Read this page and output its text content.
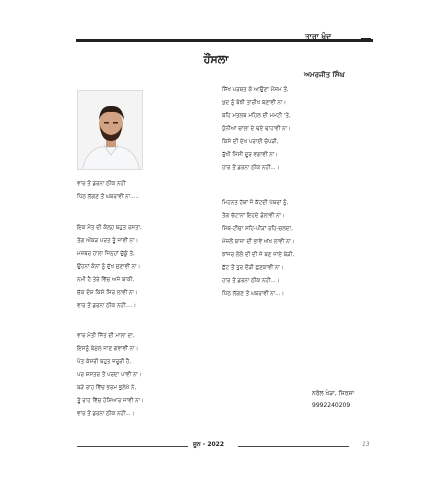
ਤਾਰਾ ਖੁੰਦ
ਹੌਂਸਲਾ
ਅਮਰਜੀਤ ਸਿੰਘ
ਵਾਰ ਤੋਂ ਡਰਨਾ ਠੀਕ ਨਹੀਂ
ਪਿੱਠ ਲੱਗਣ ਤੋਂ ਘਬਰਾਵੀਂ ਨਾ.....
ਇਕ ਮੌਤ ਦੀ ਕੰਲ੍ਹ ਬਹੁਤ ਰਸਤਾ,
ਤੰਗ ਔਕੜ ਪਰਤ ਤੂੰ ਜਾਵੀਂ ਨਾ।
ਮਜ਼ਬਰ ਹਾਲਾ ਜਿਨ੍ਹਾਂ ਚੁੱਕੂੰ ਤੇ,
ਉਹਨਾਂ ਕੰਨਾਂ ਨੂੰ ਦੁੱਖ ਸੁਣਾਵੀਂ ਨਾ।
ਨਮੀ ਹੈ ਤੇਰੇ ਵਿੱਚ ਅਜੇ ਬਾਕੀ,
ਚੱਕ ਦੋਸ਼ ਕਿਸੇ ਸਿਰ ਲਾਵੀਂ ਨਾ।
ਵਾਰ ਤੋਂ ਡਰਨਾ ਠੀਕ ਨਹੀਂ....।
ਵਾਰ ਮੋਤੀ ਜਿੱਤ ਦੀ ਮਾਲਾ ਦਾ,
ਇਸਨੂੰ ਬੇਮੁੱਲ ਜਾਣ ਗਵਾਵੀਂ ਨਾ।
ਪੰਤ ਕੇਸਰੀ ਬਹੁਤ ਜ਼ਰੂਰੀ ਹੈ,
ਪਰ ਸ਼ਸਤਰ ਤੋਂ ਪਰਦਾ ਪਾਵੀਂ ਨਾ।
ਬੜੇ ਰਾਹ ਵਿੱਚ ਭਰਮ ਭੁਲੇਖੇ ਨੇ,
ਤੂੰ ਰਾਹ ਵਿੱਚ ਹੋਸ਼ਿਆਰ ਜਾਵੀਂ ਨਾ।
ਵਾਰ ਤੋਂ ਡਰਨਾ ਠੀਕ ਨਹੀਂ...।
ਸਿੱਖ ਪਰਬਤ ਕੋ ਆਉਣਾ ਮੌਸਮ ਤੋਂ,
ਖੁਦ ਨੂੰ ਬੋਝੀ ਤਾਰੀਖ ਬਣਾਵੀਂ ਨਾ।
ਬਹਿ ਮਤਲਬ ਮਹਿਲ ਦੀ ਮਮਟੀ 'ਤੇ,
ਧੁੰਨੀਆਂ ਚਾਲਾ ਦੇ ਢਏ ਢਾਹਾਵੀਂ ਨਾ।
ਕਿਸੇ ਦੀ ਦੇਖ ਪਰਾਈ ਚੋਪੜੀ,
ਰੁੱਖੀ ਮਿੱਸੀ ਦੂਰ ਵਗਾਵੀਂ ਨਾ।
ਹਾਰ ਤੋਂ ਡਰਨਾ ਠੀਕ ਨਹੀਂ...।
ਮਿਹਨਤ ਹੱਥਾਂ ਜੋ ਕੱਟਦੀ ਪੱਥਰਾਂ ਨੂੰ,
ਤੰਗ ਚੱਟਾਨਾਂ ਇਹਦੇ ਡੋਲਾਵੀਂ ਨਾ।
ਮਿੱਥ-ਟੀਚਾ ਸਹਿ-ਪੀੜਾਂ ਰਹਿ-ਚਲਦਾ,
ਮੰਜ਼ਲੋਂ ਬਾਜ਼ਾ ਦੀ ਭਾਵੇਂ ਅੱਖ ਲਾਵੀਂ ਨਾ।
ਝਾਂਜਰ ਲੋਲੋ ਦੀ ਦੀ ਜੇ ਬਣ ਜਾਏ ਬੇੜੀ,
ਛੱਟ ਤੋਂ ਤੁਰ ਦੌੜੀ ਛਣਕਾਵੀਂ ਨਾ।
ਹਾਰ ਤੋਂ ਡਰਨਾ ਠੀਕ ਨਹੀਂ...।
ਪਿੱਠ ਲੱਗਣ ਤੋਂ ਘਬਰਾਵੀਂ ਨਾ...।
ਨਰੋਲ ਖੇੜਾ, ਸਿਰਸਾ
9992240209
ਜੂਨ - 2022	13
